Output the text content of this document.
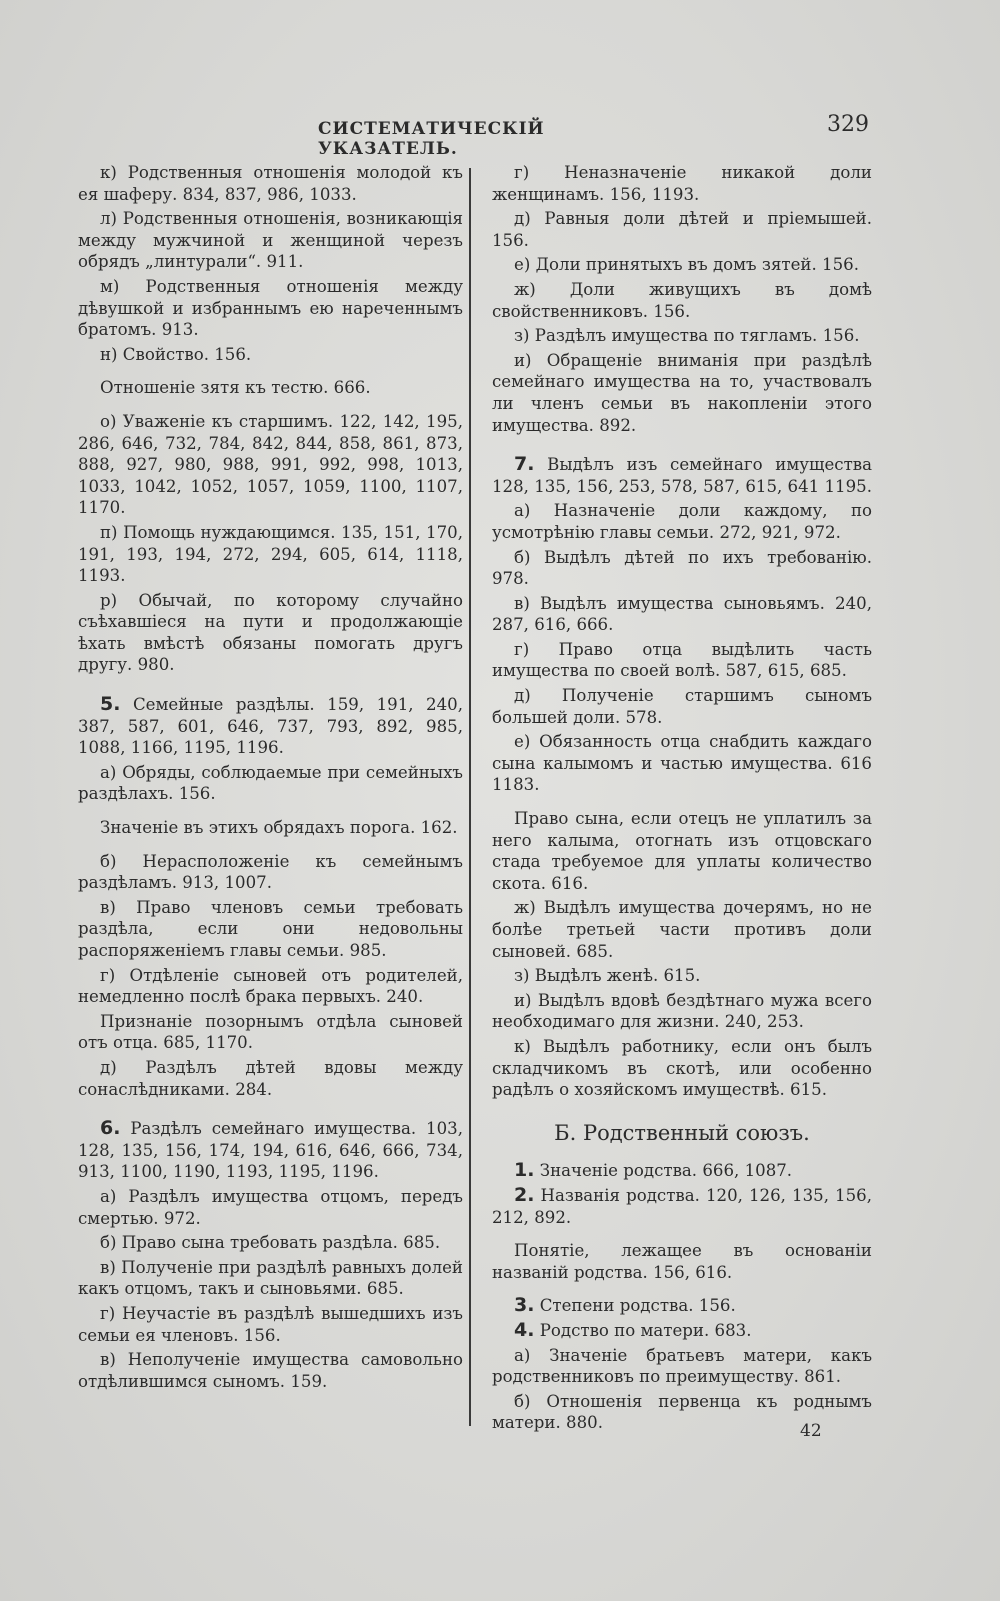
СИСТЕМАТИЧЕСКІЙ УКАЗАТЕЛЬ.
329

к) Родственныя отношенія молодой къ ея шаферу. 834, 837, 986, 1033.

л) Родственныя отношенія, возникающія между мужчиной и женщиной черезъ обрядъ „линтурали“. 911.

м) Родственныя отношенія между дѣвушкой и избраннымъ ею нареченнымъ братомъ. 913.

н) Свойство. 156.

Отношеніе зятя къ тестю. 666.

о) Уваженіе къ старшимъ. 122, 142, 195, 286, 646, 732, 784, 842, 844, 858, 861, 873, 888, 927, 980, 988, 991, 992, 998, 1013, 1033, 1042, 1052, 1057, 1059, 1100, 1107, 1170.

п) Помощь нуждающимся. 135, 151, 170, 191, 193, 194, 272, 294, 605, 614, 1118, 1193.

р) Обычай, по которому случайно съѣхавшіеся на пути и продолжающіе ѣхать вмѣстѣ обязаны помогать другъ другу. 980.

5. Семейные раздѣлы. 159, 191, 240, 387, 587, 601, 646, 737, 793, 892, 985, 1088, 1166, 1195, 1196.

а) Обряды, соблюдаемые при семейныхъ раздѣлахъ. 156.

Значеніе въ этихъ обрядахъ порога. 162.

б) Нерасположеніе къ семейнымъ раздѣламъ. 913, 1007.

в) Право членовъ семьи требовать раздѣла, если они недовольны распоряженіемъ главы семьи. 985.

г) Отдѣленіе сыновей отъ родителей, немедленно послѣ брака первыхъ. 240.

Признаніе позорнымъ отдѣла сыновей отъ отца. 685, 1170.

д) Раздѣлъ дѣтей вдовы между сонаслѣдниками. 284.

6. Раздѣлъ семейнаго имущества. 103, 128, 135, 156, 174, 194, 616, 646, 666, 734, 913, 1100, 1190, 1193, 1195, 1196.

а) Раздѣлъ имущества отцомъ, передъ смертью. 972.

б) Право сына требовать раздѣла. 685.

в) Полученіе при раздѣлѣ равныхъ долей какъ отцомъ, такъ и сыновьями. 685.

г) Неучастіе въ раздѣлѣ вышедшихъ изъ семьи ея членовъ. 156.

в) Неполученіе имущества самовольно отдѣлившимся сыномъ. 159.

г) Неназначеніе никакой доли женщинамъ. 156, 1193.

д) Равныя доли дѣтей и пріемышей. 156.

е) Доли принятыхъ въ домъ зятей. 156.

ж) Доли живущихъ въ домѣ свойственниковъ. 156.

з) Раздѣлъ имущества по тягламъ. 156.

и) Обращеніе вниманія при раздѣлѣ семейнаго имущества на то, участвовалъ ли членъ семьи въ накопленіи этого имущества. 892.

7. Выдѣлъ изъ семейнаго имущества 128, 135, 156, 253, 578, 587, 615, 641 1195.

а) Назначеніе доли каждому, по усмотрѣнію главы семьи. 272, 921, 972.

б) Выдѣлъ дѣтей по ихъ требованію. 978.

в) Выдѣлъ имущества сыновьямъ. 240, 287, 616, 666.

г) Право отца выдѣлить часть имущества по своей волѣ. 587, 615, 685.

д) Полученіе старшимъ сыномъ большей доли. 578.

е) Обязанность отца снабдить каждаго сына калымомъ и частью имущества. 616 1183.

Право сына, если отецъ не уплатилъ за него калыма, отогнать изъ отцовскаго стада требуемое для уплаты количество скота. 616.

ж) Выдѣлъ имущества дочерямъ, но не болѣе третьей части противъ доли сыновей. 685.

з) Выдѣлъ женѣ. 615.

и) Выдѣлъ вдовѣ бездѣтнаго мужа всего необходимаго для жизни. 240, 253.

к) Выдѣлъ работнику, если онъ былъ складчикомъ въ скотѣ, или особенно радѣлъ о хозяйскомъ имуществѣ. 615.

Б. Родственный союзъ.

1. Значеніе родства. 666, 1087.

2. Названія родства. 120, 126, 135, 156, 212, 892.

Понятіе, лежащее въ основаніи названій родства. 156, 616.

3. Степени родства. 156.

4. Родство по матери. 683.

а) Значеніе братьевъ матери, какъ родственниковъ по преимуществу. 861.

б) Отношенія первенца къ роднымъ матери. 880.	42
